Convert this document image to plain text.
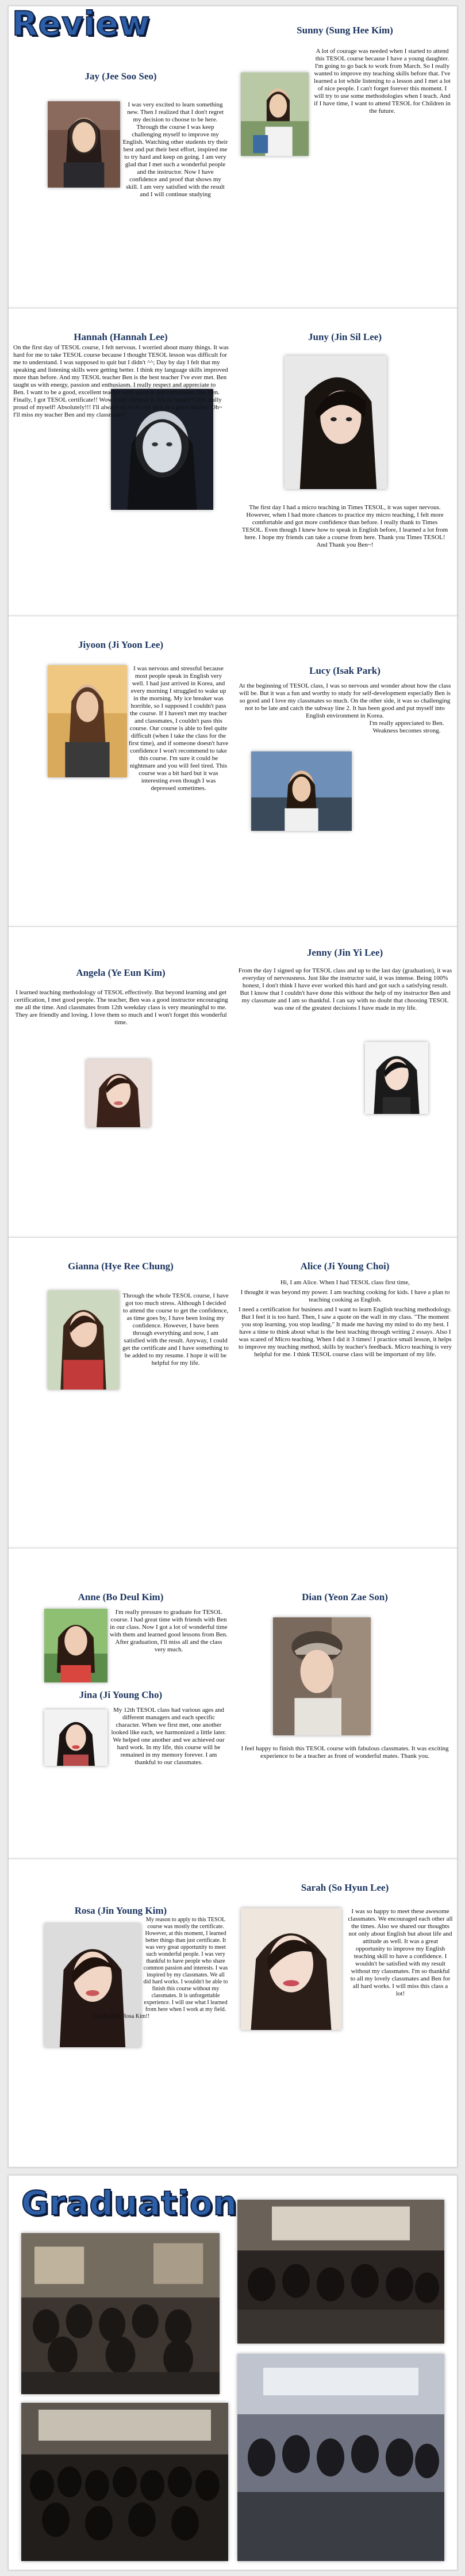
Review
Jay (Jee Soo Seo)

I was very excited to learn something new. Then I realized that I don't regret my decision to choose to be here. Through the course I was keep challenging myself to improve my English. Watching other students try their best and put their best effort, inspired me to try hard and keep on going. I am very glad that I met such a wonderful people and the instructor. Now I have confidence and proof that shows my skill. I am very satisfied with the result and I will continue studying

Sunny (Sung Hee Kim)

A lot of courage was needed when I started to attend this TESOL course because I have a young daughter. I'm going to go back to work from March. So I really wanted to improve my teaching skills before that. I've learned a lot while listening to a lesson and I met a lot of nice people. I can't forget forever this moment. I will try to use some methodologies when I teach. And if I have time, I want to attend TESOL for Children in the future.

Hannah (Hannah Lee)

On the first day of TESOL course, I felt nervous. I worried about many things. It was hard for me to take TESOL course because I thought TESOL lesson was difficult for me to understand. I was supposed to quit but I didn't ^^; Day by day I felt that my speaking and listening skills were getting better. I think my language skills improved more than before. And my TESOL teacher Ben is the best teacher I've ever met. Ben taught us with energy, passion and enthusiasm. I really respect and appreciate to Ben. I want to be a good, excellent teacher with passion and enthusiasm like Ben. Finally, I got TESOL certificate!! Wow I can't believe it. I'm so happy!!! I'm really proud of myself! Absolutely!!! I'll always try to do my best as a good teacher. Oh~ I'll miss my teacher Ben and my classmates!

Juny (Jin Sil Lee)

The first day I had a micro teaching in Times TESOL, it was super nervous. However, when I had more chances to practice my micro teaching, I felt more comfortable and got more confidence than before. I really thank to Times TESOL. Even though I knew how to speak in English before, I learned a lot from here. I hope my friends can take a course from here. Thank you Times TESOL! And Thank you Ben~!

Jiyoon (Ji Yoon Lee)

I was nervous and stressful because most people speak in English very well. I had just arrived in Korea, and every morning I struggled to wake up in the morning. My ice breaker was horrible, so I supposed I couldn't pass the course. If I haven't met my teacher and classmates, I couldn't pass this course. Our course is able to feel quite difficult (when I take the class for the first time), and if someone doesn't have confidence I won't recommend to take this course. I'm sure it could be nightmare and you will feel tired. This course was a bit hard but it was interesting even though I was depressed sometimes.

Lucy (Isak Park)

At the beginning of TESOL class, I was so nervous and wonder about how the class will be. But it was a fun and worthy to study for self-development especially Ben is so good and I love my classmates so much. On the other side, it was so challenging not to be late and catch the subway line 2. It has been good and put myself into English environment in Korea.

I'm really appreciated to Ben. Weakness becomes strong.

Angela (Ye Eun Kim)

I learned teaching methodology of TESOL effectively. But beyond learning and get certification, I met good people. The teacher, Ben was a good instructor encouraging me all the time. And classmates from 12th weekday class is very meaningful to me. They are friendly and loving. I love them so much and I won't forget this wonderful time.

Jenny (Jin Yi Lee)

From the day I signed up for TESOL class and up to the last day (graduation), it was everyday of nervousness. Just like the instructor said, it was intense. Being 100% honest, I don't think I have ever worked this hard and got such a satisfying result. But I know that I couldn't have done this without the help of my instructor Ben and my classmate and I am so thankful. I can say with no doubt that choosing TESOL was one of the greatest decisions I have made in my life.

Gianna (Hye Ree Chung)

Through the whole TESOL course, I have got too much stress. Although I decided to attend the course to get the confidence, as time goes by, I have been losing my confidence. However, I have been through everything and now, I am satisfied with the result. Anyway, I could get the certificate and I have something to be added to my resume. I hope it will be helpful for my life.

Alice (Ji Young Choi)

Hi, I am Alice. When I had TESOL class first time,

I thought it was beyond my power. I am teaching cooking for kids. I have a plan to teaching cooking as English.

I need a certification for business and I want to learn English teaching methodology. But I feel it is too hard. Then, I saw a quote on the wall in my class. "The moment you stop learning, you stop leading." It made me having my mind to do my best. I have a time to think about what is the best teaching through writing 2 essays. Also I was scared of Micro teaching. When I did it 3 times! I practice small lesson, it helps to improve my teaching method, skills by teacher's feedback. Micro teaching is very helpful for me. I think TESOL course class will be important of my life.

Anne (Bo Deul Kim)

I'm really pressure to graduate for TESOL course. I had great time with friends with Ben in our class. Now I got a lot of wonderful time with them and learned good lessons from Ben. After graduation, I'll miss all and the class very much.

Jina (Ji Young Cho)

My 12th TESOL class had various ages and different managers and each specific character. When we first met, one another looked like each, we harmonized a little later. We helped one another and we achieved our hard work. In my life, this course will be remained in my memory forever. I am thankful to our classmates.

Dian (Yeon Zae Son)

I feel happy to finish this TESOL course with fabulous classmates. It was exciting experience to be a teacher as front of wonderful mates. Thank you.

Rosa (Jin Young Kim)

My reason to apply to this TESOL course was mostly the certificate. However, at this moment, I learned better things than just certificate. It was very great opportunity to meet such wonderful people. I was very thankful to have people who share common passion and interests. I was inspired by my classmates. We all did hard works. I wouldn't be able to finish this course without my classmates. It is unforgettable experience. I will use what I learned from here when I work at my field.

Feb.26.2016 Rosa Kim!!

Sarah (So Hyun Lee)

I was so happy to meet these awesome classmates. We encouraged each other all the times. Also we shared our thoughts not only about English but about life and attitude as well. It was a great opportunity to improve my English teaching skill to have a confidence. I wouldn't be satisfied with my result without my classmates. I'm so thankful to all my lovely classmates and Ben for all hard works. I will miss this class a lot!

Graduation
